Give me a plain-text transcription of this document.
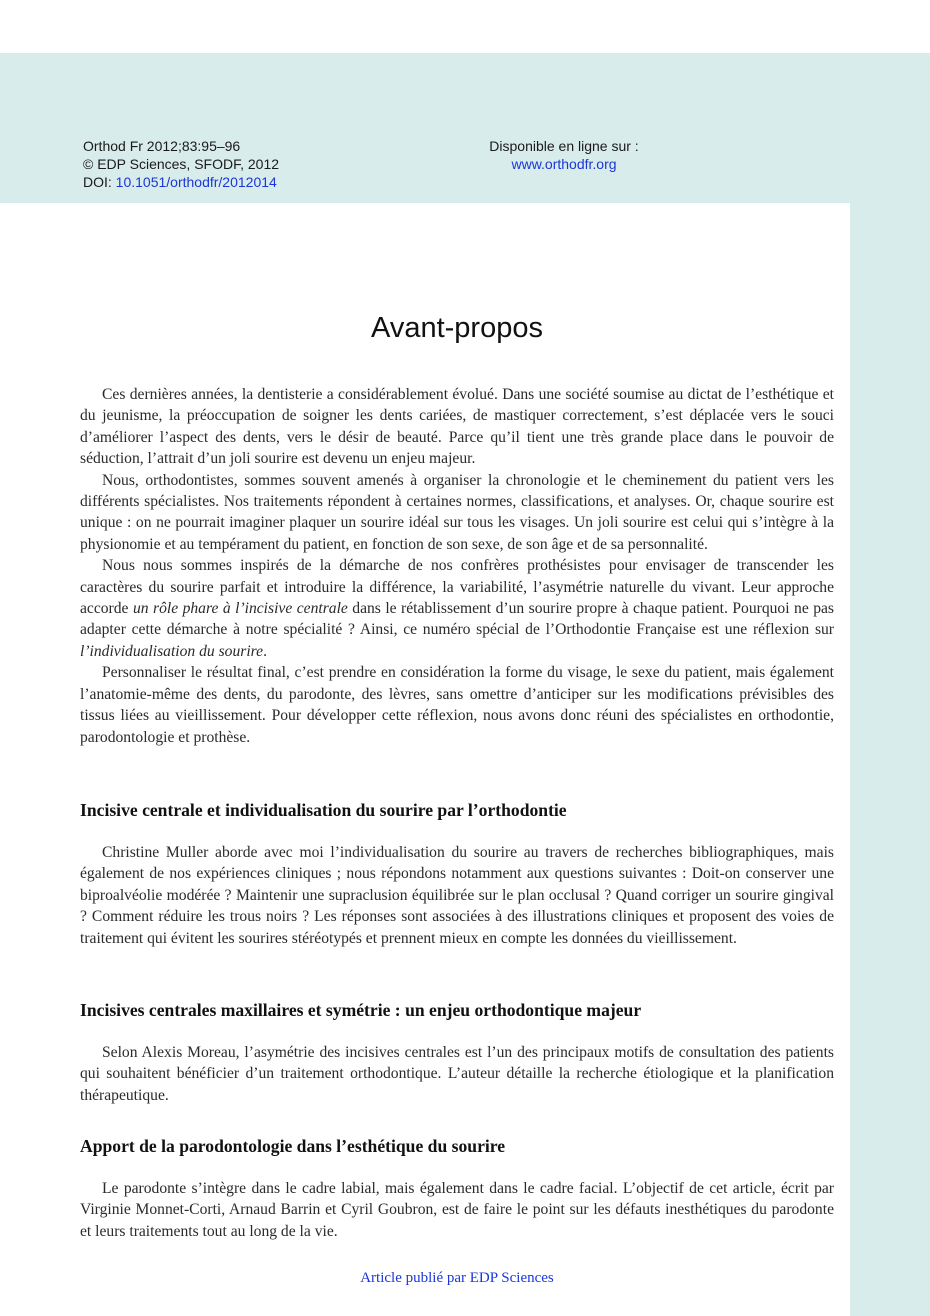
Orthod Fr 2012;83:95–96
© EDP Sciences, SFODF, 2012
DOI: 10.1051/orthodfr/2012014
Disponible en ligne sur :
www.orthodfr.org
Avant-propos

Ces dernières années, la dentisterie a considérablement évolué. Dans une société soumise au dictat de l’esthétique et du jeunisme, la préoccupation de soigner les dents cariées, de mastiquer correctement, s’est déplacée vers le souci d’améliorer l’aspect des dents, vers le désir de beauté. Parce qu’il tient une très grande place dans le pouvoir de séduction, l’attrait d’un joli sourire est devenu un enjeu majeur.

Nous, orthodontistes, sommes souvent amenés à organiser la chronologie et le cheminement du patient vers les différents spécialistes. Nos traitements répondent à certaines normes, classifications, et analyses. Or, chaque sourire est unique : on ne pourrait imaginer plaquer un sourire idéal sur tous les visages. Un joli sourire est celui qui s’intègre à la physionomie et au tempérament du patient, en fonction de son sexe, de son âge et de sa personnalité.

Nous nous sommes inspirés de la démarche de nos confrères prothésistes pour envisager de transcender les caractères du sourire parfait et introduire la différence, la variabilité, l’asymétrie naturelle du vivant. Leur approche accorde un rôle phare à l’incisive centrale dans le rétablissement d’un sourire propre à chaque patient. Pourquoi ne pas adapter cette démarche à notre spécialité ? Ainsi, ce numéro spécial de l’Orthodontie Française est une réflexion sur l’individualisation du sourire.

Personnaliser le résultat final, c’est prendre en considération la forme du visage, le sexe du patient, mais également l’anatomie-même des dents, du parodonte, des lèvres, sans omettre d’anticiper sur les modifications prévisibles des tissus liées au vieillissement. Pour développer cette réflexion, nous avons donc réuni des spécialistes en orthodontie, parodontologie et prothèse.

Incisive centrale et individualisation du sourire par l’orthodontie

Christine Muller aborde avec moi l’individualisation du sourire au travers de recherches bibliographiques, mais également de nos expériences cliniques ; nous répondons notamment aux questions suivantes : Doit-on conserver une biproalvéolie modérée ? Maintenir une supraclusion équilibrée sur le plan occlusal ? Quand corriger un sourire gingival ? Comment réduire les trous noirs ? Les réponses sont associées à des illustrations cliniques et proposent des voies de traitement qui évitent les sourires stéréotypés et prennent mieux en compte les données du vieillissement.

Incisives centrales maxillaires et symétrie : un enjeu orthodontique majeur

Selon Alexis Moreau, l’asymétrie des incisives centrales est l’un des principaux motifs de consultation des patients qui souhaitent bénéficier d’un traitement orthodontique. L’auteur détaille la recherche étiologique et la planification thérapeutique.

Apport de la parodontologie dans l’esthétique du sourire

Le parodonte s’intègre dans le cadre labial, mais également dans le cadre facial. L’objectif de cet article, écrit par Virginie Monnet-Corti, Arnaud Barrin et Cyril Goubron, est de faire le point sur les défauts inesthétiques du parodonte et leurs traitements tout au long de la vie.

Article publié par EDP Sciences
